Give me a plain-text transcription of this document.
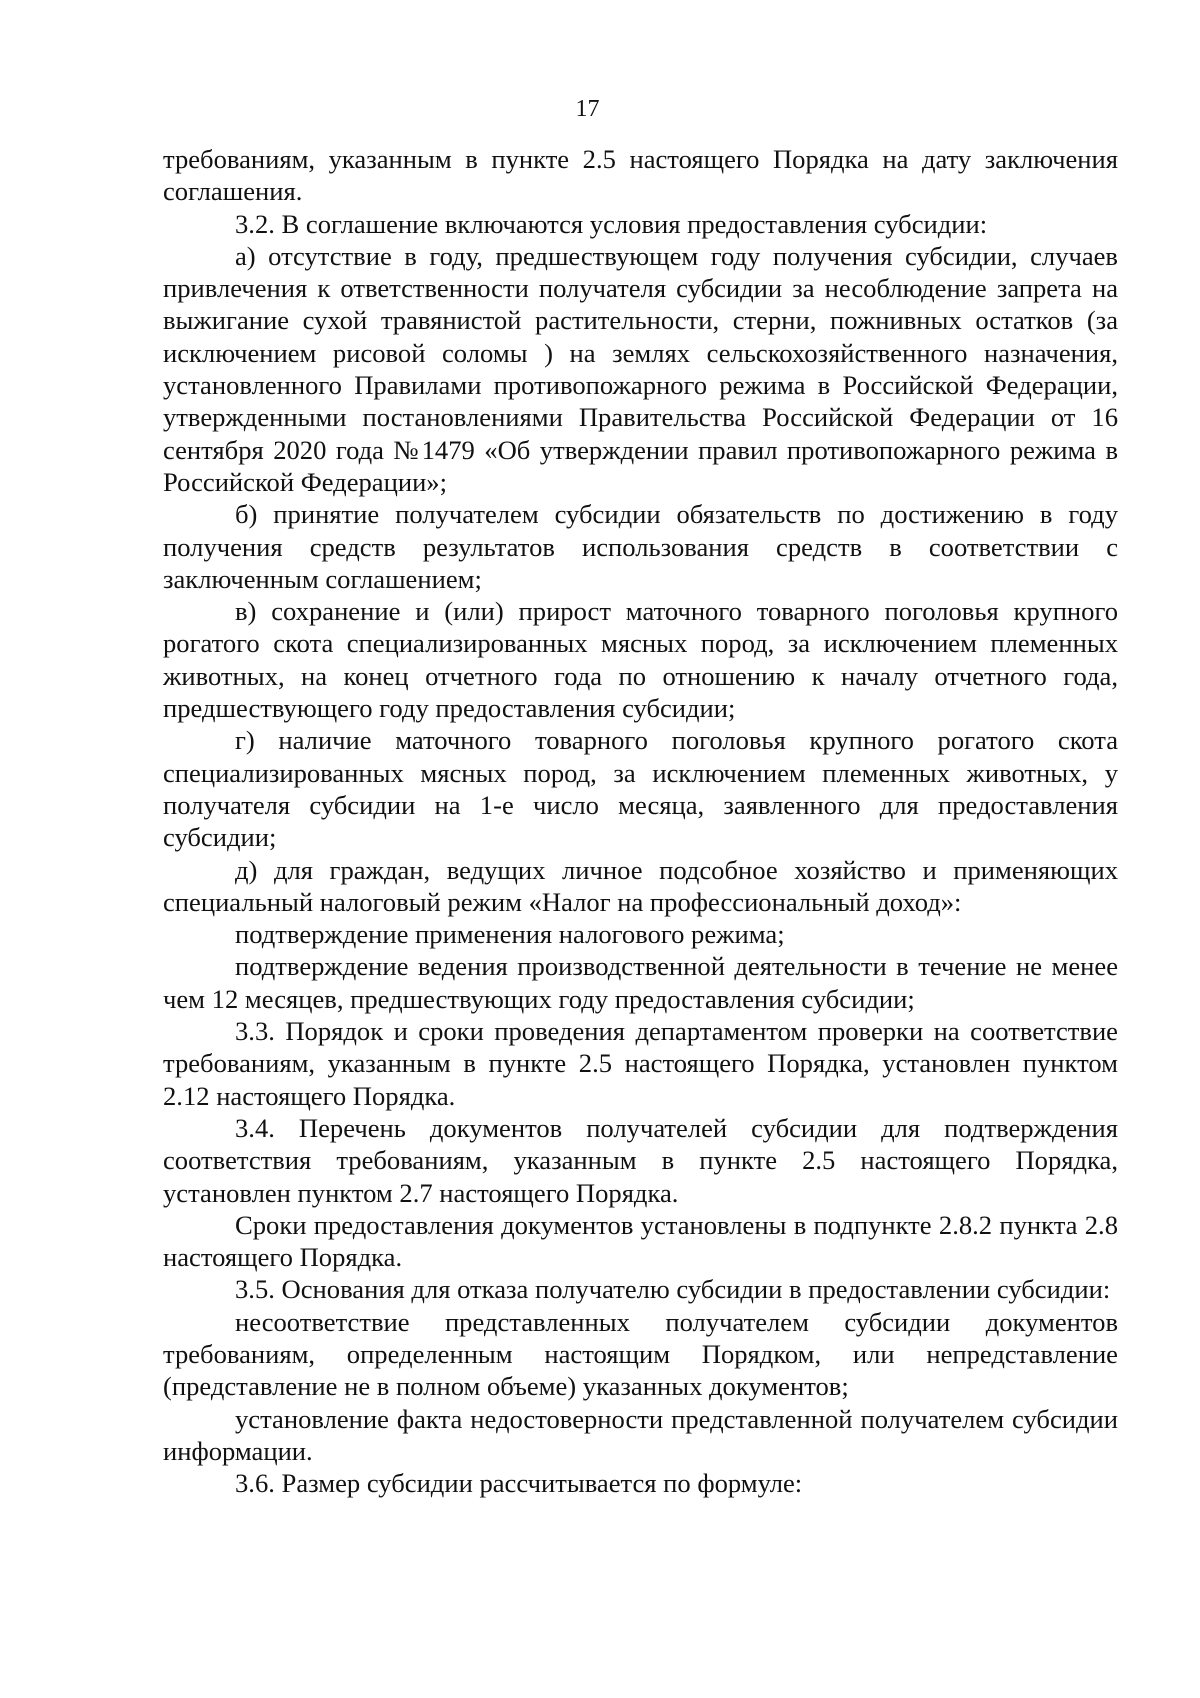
17

требованиям, указанным в пункте 2.5 настоящего Порядка на дату заключения соглашения.

3.2. В соглашение включаются условия предоставления субсидии:

а) отсутствие в году, предшествующем году получения субсидии, случаев привлечения к ответственности получателя субсидии за несоблюдение запрета на выжигание сухой травянистой растительности, стерни, пожнивных остатков (за исключением рисовой соломы ) на землях сельскохозяйственного назначения, установленного Правилами противопожарного режима в Российской Федерации, утвержденными постановлениями Правительства Российской Федерации от 16 сентября 2020 года №1479 «Об утверждении правил противопожарного режима в Российской Федерации»;

б) принятие получателем субсидии обязательств по достижению в году получения средств результатов использования средств в соответствии с заключенным соглашением;

в) сохранение и (или) прирост маточного товарного поголовья крупного рогатого скота специализированных мясных пород, за исключением племенных животных, на конец отчетного года по отношению к началу отчетного года, предшествующего году предоставления субсидии;

г) наличие маточного товарного поголовья крупного рогатого скота специализированных мясных пород, за исключением племенных животных, у получателя субсидии на 1-е число месяца, заявленного для предоставления субсидии;

д) для граждан, ведущих личное подсобное хозяйство и применяющих специальный налоговый режим «Налог на профессиональный доход»:

подтверждение применения налогового режима;

подтверждение ведения производственной деятельности в течение не менее чем 12 месяцев, предшествующих году предоставления субсидии;

3.3. Порядок и сроки проведения департаментом проверки на соответствие требованиям, указанным в пункте 2.5 настоящего Порядка, установлен пунктом 2.12 настоящего Порядка.

3.4. Перечень документов получателей субсидии для подтверждения соответствия требованиям, указанным в пункте 2.5 настоящего Порядка, установлен пунктом 2.7 настоящего Порядка.

Сроки предоставления документов установлены в подпункте 2.8.2 пункта 2.8 настоящего Порядка.

3.5. Основания для отказа получателю субсидии в предоставлении субсидии:

несоответствие представленных получателем субсидии документов требованиям, определенным настоящим Порядком, или непредставление (представление не в полном объеме) указанных документов;

установление факта недостоверности представленной получателем субсидии информации.

3.6. Размер субсидии рассчитывается по формуле:
